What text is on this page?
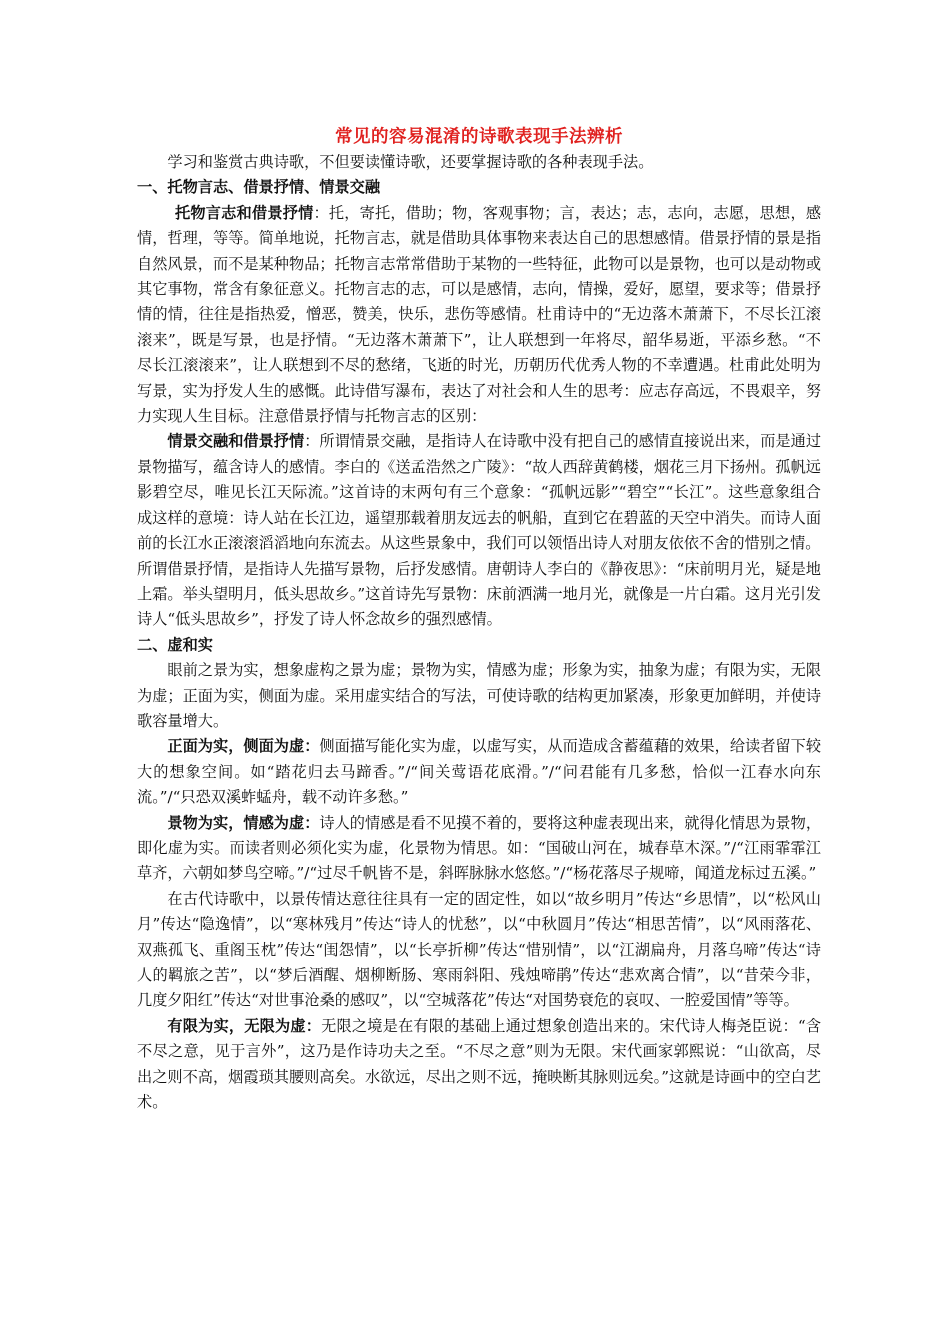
常见的容易混淆的诗歌表现手法辨析

学习和鉴赏古典诗歌，不但要读懂诗歌，还要掌握诗歌的各种表现手法。

一、托物言志、借景抒情、情景交融

托物言志和借景抒情：托，寄托，借助；物，客观事物；言，表达；志，志向，志愿，思想，感情，哲理，等等。简单地说，托物言志，就是借助具体事物来表达自己的思想感情。借景抒情的景是指自然风景，而不是某种物品；托物言志常常借助于某物的一些特征，此物可以是景物，也可以是动物或其它事物，常含有象征意义。托物言志的志，可以是感情，志向，情操，爱好，愿望，要求等；借景抒情的情，往往是指热爱，憎恶，赞美，快乐，悲伤等感情。杜甫诗中的“无边落木萧萧下，不尽长江滚滚来”，既是写景，也是抒情。“无边落木萧萧下”，让人联想到一年将尽，韶华易逝，平添乡愁。“不尽长江滚滚来”，让人联想到不尽的愁绪，飞逝的时光，历朝历代优秀人物的不幸遭遇。杜甫此处明为写景，实为抒发人生的感慨。此诗借写瀑布，表达了对社会和人生的思考：应志存高远，不畏艰辛，努力实现人生目标。注意借景抒情与托物言志的区别：

情景交融和借景抒情：所谓情景交融，是指诗人在诗歌中没有把自己的感情直接说出来，而是通过景物描写，蕴含诗人的感情。李白的《送孟浩然之广陵》：“故人西辞黄鹤楼，烟花三月下扬州。孤帆远影碧空尽，唯见长江天际流。”这首诗的末两句有三个意象：“孤帆远影”“碧空”“长江”。这些意象组合成这样的意境：诗人站在长江边，遥望那载着朋友远去的帆船，直到它在碧蓝的天空中消失。而诗人面前的长江水正滚滚滔滔地向东流去。从这些景象中，我们可以领悟出诗人对朋友依依不舍的惜别之情。

所谓借景抒情，是指诗人先描写景物，后抒发感情。唐朝诗人李白的《静夜思》：“床前明月光，疑是地上霜。举头望明月，低头思故乡。”这首诗先写景物：床前洒满一地月光，就像是一片白霜。这月光引发诗人“低头思故乡”，抒发了诗人怀念故乡的强烈感情。

二、虚和实

眼前之景为实，想象虚构之景为虚；景物为实，情感为虚；形象为实，抽象为虚；有限为实，无限为虚；正面为实，侧面为虚。采用虚实结合的写法，可使诗歌的结构更加紧凑，形象更加鲜明，并使诗歌容量增大。

正面为实，侧面为虚：侧面描写能化实为虚，以虚写实，从而造成含蓄蕴藉的效果，给读者留下较大的想象空间。如“踏花归去马蹄香。”/“间关莺语花底滑。”/“问君能有几多愁，恰似一江春水向东流。”/“只恐双溪蚱蜢舟，载不动许多愁。”

景物为实，情感为虚：诗人的情感是看不见摸不着的，要将这种虚表现出来，就得化情思为景物，即化虚为实。而读者则必须化实为虚，化景物为情思。如：“国破山河在，城春草木深。”/“江雨霏霏江草齐，六朝如梦鸟空啼。”/“过尽千帆皆不是，斜晖脉脉水悠悠。”/“杨花落尽子规啼，闻道龙标过五溪。”

在古代诗歌中，以景传情达意往往具有一定的固定性，如以“故乡明月”传达“乡思情”，以“松风山月”传达“隐逸情”，以“寒林残月”传达“诗人的忧愁”，以“中秋圆月”传达“相思苦情”，以“风雨落花、双燕孤飞、重阁玉枕”传达“闺怨情”，以“长亭折柳”传达“惜别情”，以“江湖扁舟，月落乌啼”传达“诗人的羁旅之苦”，以“梦后酒醒、烟柳断肠、寒雨斜阳、残烛啼鹃”传达“悲欢离合情”，以“昔荣今非，几度夕阳红”传达“对世事沧桑的感叹”，以“空城落花”传达“对国势衰危的哀叹、一腔爱国情”等等。

有限为实，无限为虚：无限之境是在有限的基础上通过想象创造出来的。宋代诗人梅尧臣说：“含不尽之意，见于言外”，这乃是作诗功夫之至。“不尽之意”则为无限。宋代画家郭熙说：“山欲高，尽出之则不高，烟霞琐其腰则高矣。水欲远，尽出之则不远，掩映断其脉则远矣。”这就是诗画中的空白艺术。
